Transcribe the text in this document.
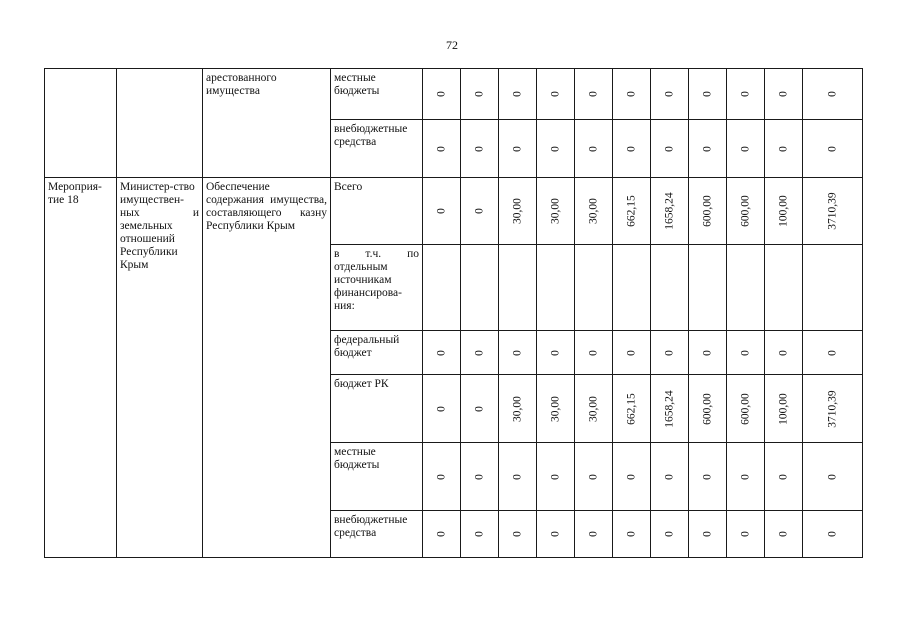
72

		арестованного имущества	местные бюджеты	0	0	0	0	0	0	0	0	0	0	0

			внебюджетные средства	0	0	0	0	0	0	0	0	0	0	0

Мероприя-тие 18	Министер-ство имуществен-ных и земельных отношений Республики Крым	Обеспечение содержания имущества, составляющего казну Республики Крым	Всего	0	0	30,00	30,00	30,00	662,15	1658,24	600,00	600,00	100,00	3710,39

			в т.ч. по отдельным источникам финансирова-ния:											

			федеральный бюджет	0	0	0	0	0	0	0	0	0	0	0

			бюджет РК	0	0	30,00	30,00	30,00	662,15	1658,24	600,00	600,00	100,00	3710,39

			местные бюджеты	0	0	0	0	0	0	0	0	0	0	0

			внебюджетные средства	0	0	0	0	0	0	0	0	0	0	0
